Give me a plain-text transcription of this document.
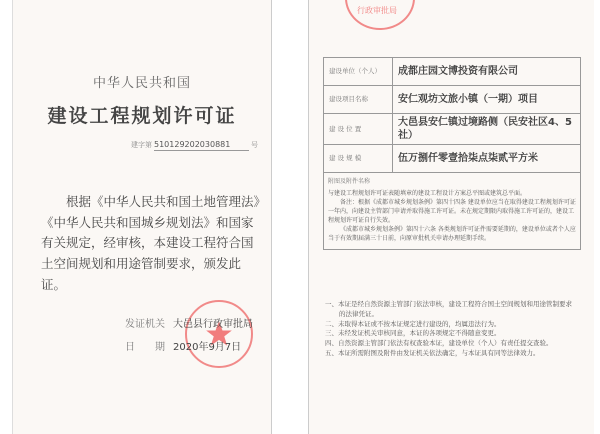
中华人民共和国
建设工程规划许可证
建字第 510129202030881	号
根据《中华人民共和国土地管理法》《中华人民共和国城乡规划法》和国家有关规定，经审核，本建设工程符合国土空间规划和用途管制要求，颁发此证。
发证机关 大邑县行政审批局
日　　期 2020年9月7日
行政审批局
建设单位（个人）	成都庄园文博投资有限公司
建设项目名称	安仁观坊文旅小镇（一期）项目
建 设 位 置	大邑县安仁镇过境路侧（民安社区4、5社）
建 设 规 模	伍万捌仟零壹拾柒点柒贰平方米

附图及附件名称

与建设工程规划许可证表随填章的建设工程设计方案总平图或建筑总平面。

备注：根据《成都市城乡规划条例》第四十四条 建设单位应当在取得建设工程规划许可证一年内，向建设主管部门申请并取得施工许可证。未在规定期限内取得施工许可证的，建设工程规划许可证自行失效。

《成都市城乡规划条例》第四十六条 各类规划许可证件需要延期的，建设单位或者个人应当于有效期届满三十日前，向原审批机关申请办理延期手续。

一、本证是经自然资源主管部门依法审核，建设工程符合国土空间规划和用途管制要求的法律凭证。
二、未取得本证或不按本证规定进行建设的，均属违法行为。
三、未经发证机关审核同意，本证的各项规定不得随意变更。
四、自然资源主管部门依法有权查验本证，建设单位（个人）有责任提交查验。
五、本证所需附图及附件由发证机关依法确定，与本证具有同等法律效力。
